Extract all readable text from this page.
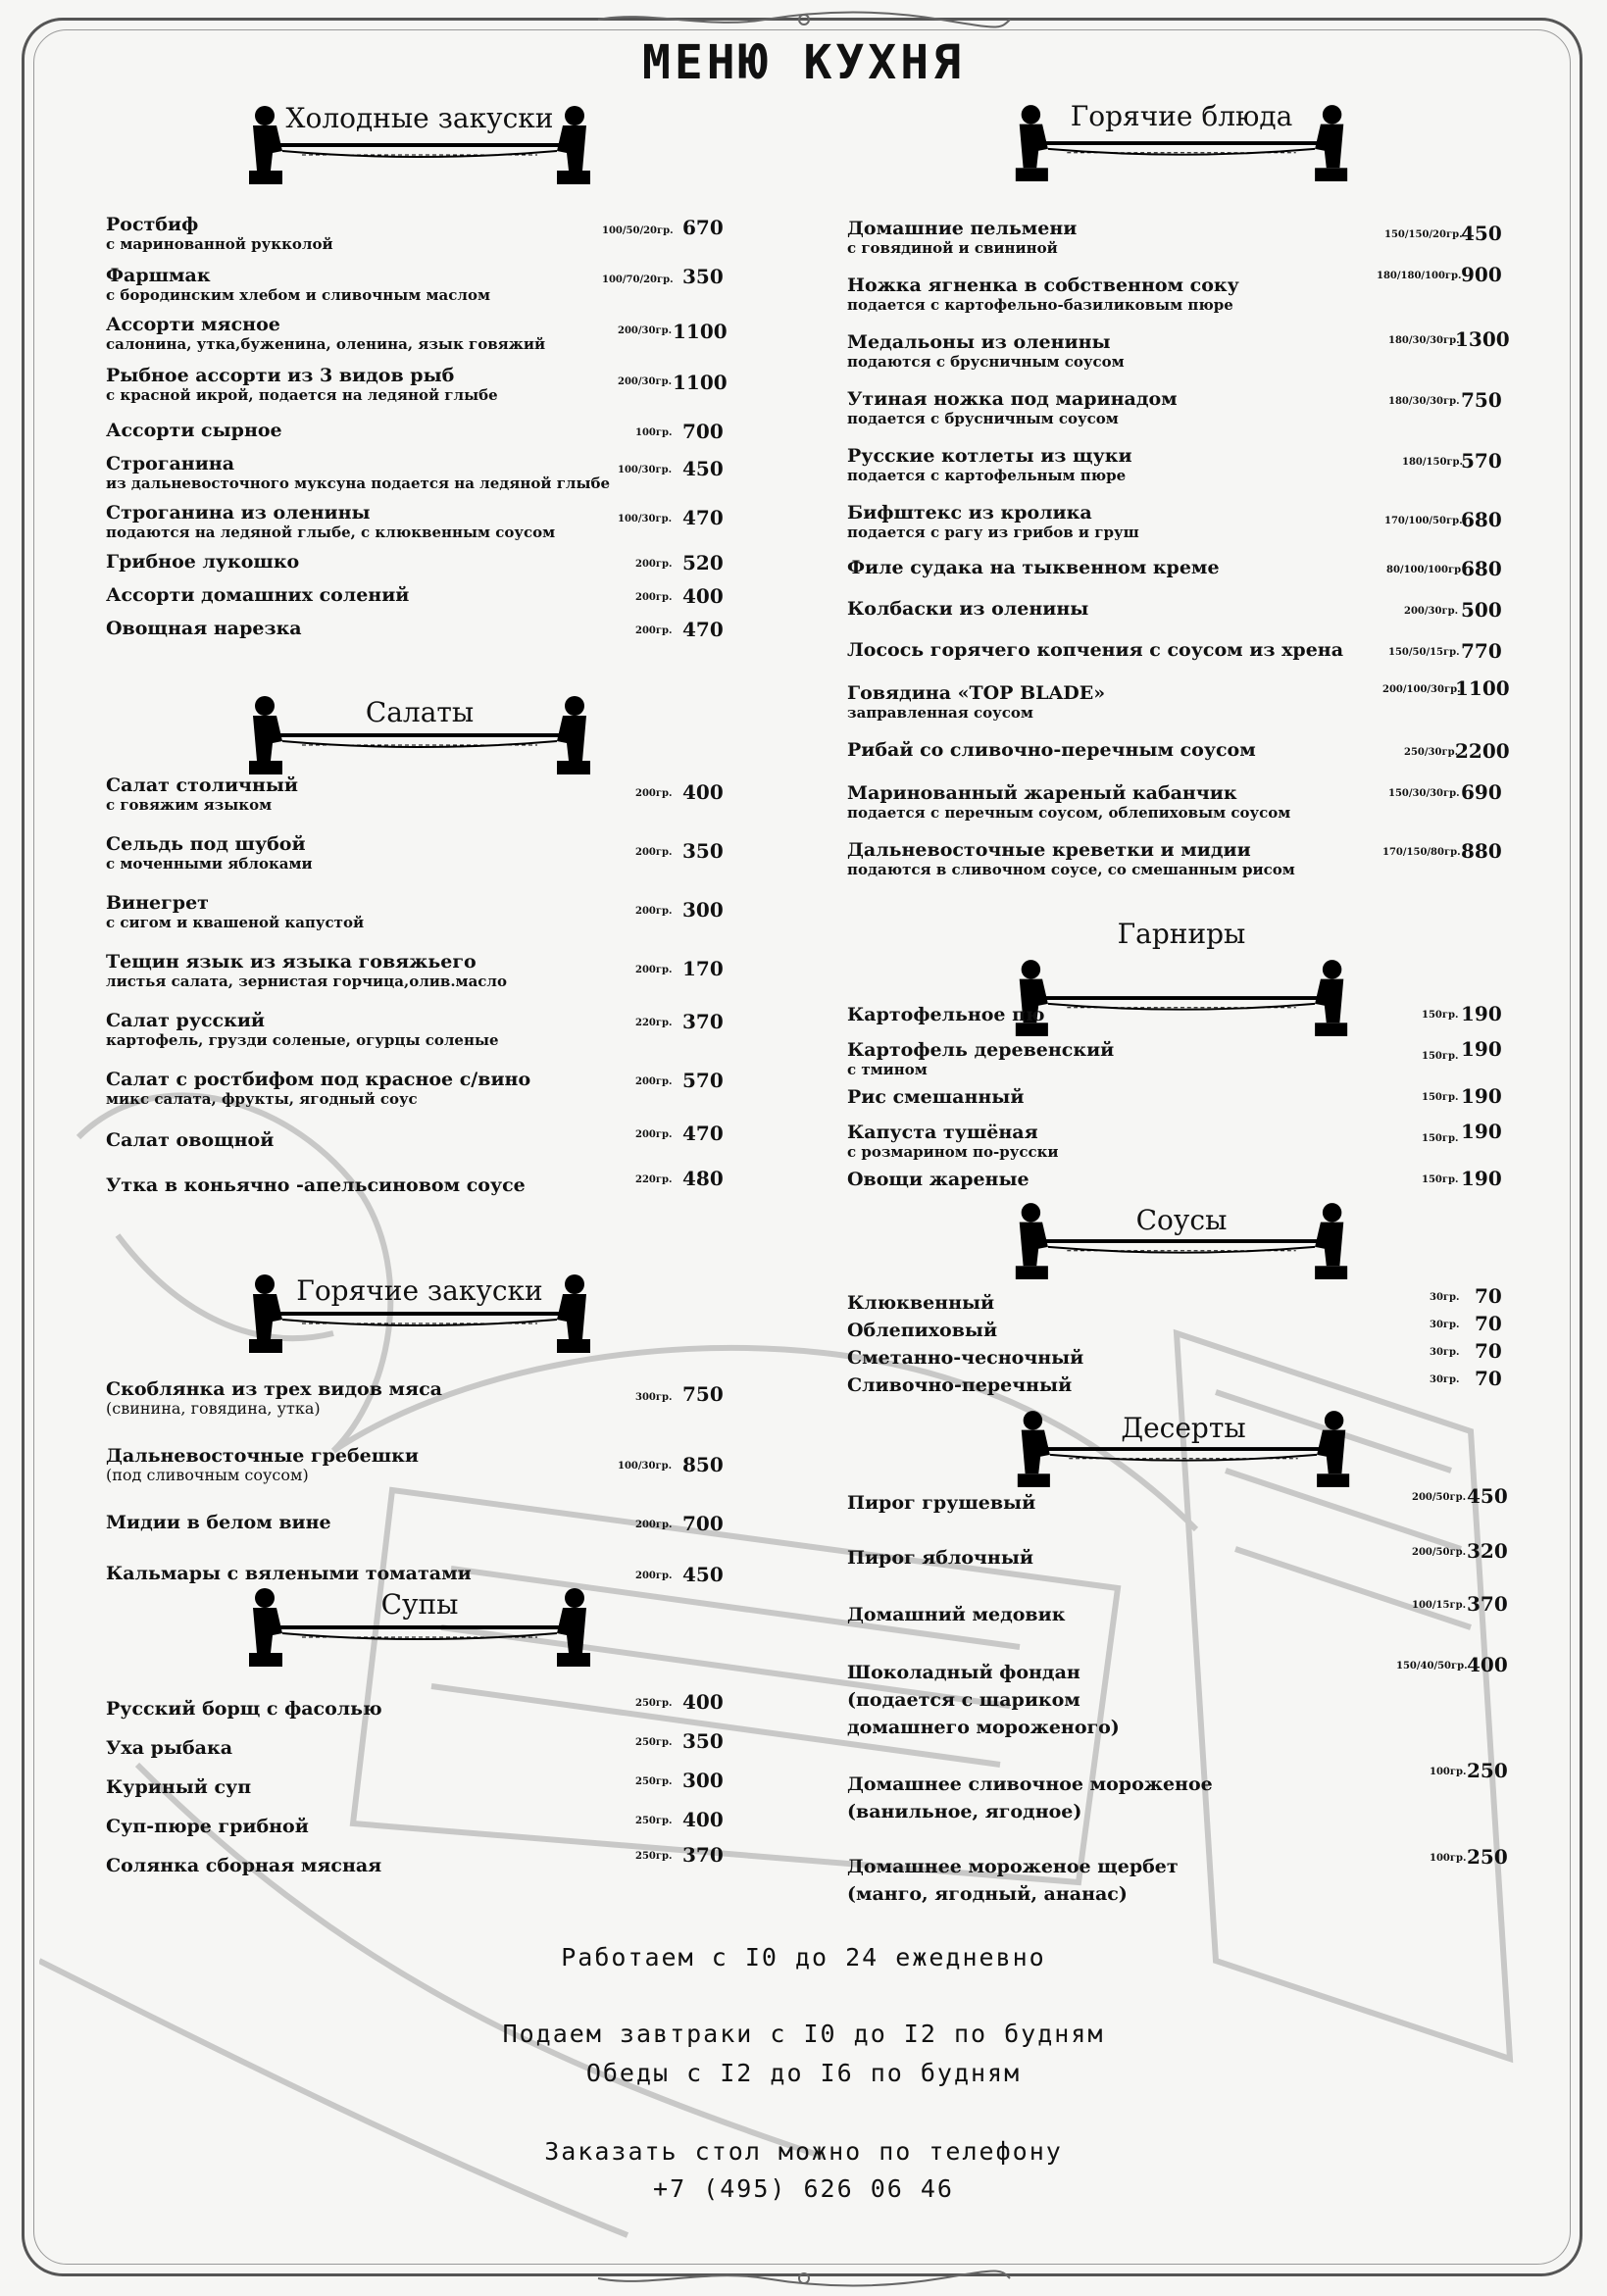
МЕНЮ КУХНЯ
Холодные закуски
Ростбиф
с маринованной рукколой
100/50/20гр. 670
Фаршмак
с бородинским хлебом и сливочным маслом
100/70/20гр. 350
Ассорти мясное
салонина, утка,буженина, оленина, язык говяжий
200/30гр. 1100
Рыбное ассорти из 3 видов рыб
с красной икрой, подается на ледяной глыбе
200/30гр. 1100
Ассорти сырное	100гр. 700
Строганина
из дальневосточного муксуна подается на ледяной глыбе
100/30гр. 450
Строганина из оленины
подаются на ледяной глыбе, с клюквенным соусом
100/30гр. 470
Грибное лукошко	200гр. 520
Ассорти домашних солений	200гр. 400
Овощная нарезка	200гр. 470
Салаты
Салат столичный
с говяжим языком
200гр. 400
Сельдь под шубой
с моченными яблоками
200гр. 350
Винегрет
с сигом и квашеной капустой
200гр. 300
Тещин язык из языка говяжьего
листья салата, зернистая горчица,олив.масло
200гр. 170
Салат русский
картофель, грузди соленые, огурцы соленые
220гр. 370
Салат с ростбифом под красное с/вино
микс салата, фрукты, ягодный соус
200гр. 570
Салат овощной	200гр. 470
Утка в коньячно -апельсиновом соусе	220гр. 480
Горячие закуски
Скоблянка из трех видов мяса
(свинина, говядина, утка)
300гр. 750
Дальневосточные гребешки
(под сливочным соусом)	100/30гр. 850
Мидии в белом вине	200гр. 700
Кальмары с вялеными томатами	200гр. 450
Супы
Русский борщ с фасолью	250гр. 400
Уха рыбака	250гр. 350
Куриный суп	250гр. 300
Суп-пюре грибной	250гр. 400
Солянка сборная мясная	250гр. 370
Горячие блюда
Домашние пельмени
с говядиной и свининой
150/150/20гр.
450
Ножка ягненка в собственном соку
подается с картофельно-базиликовым пюре
180/180/100гр. 900
Медальоны из оленины
подаются с брусничным соусом
180/30/30гр.
1300
Утиная ножка под маринадом
подается с брусничным соусом
180/30/30гр. 750
Русские котлеты из щуки
подается с картофельным пюре
180/150гр.
570
Бифштекс из кролика
подается с рагу из грибов и груш
170/100/50гр.
680
Филе судака на тыквенном креме	80/100/100гр 680
Колбаски из оленины	200/30гр. 500
Лосось горячего копчения с соусом из хрена	150/50/15гр. 770
Говядина «TOP BLADE»
заправленная соусом
200/100/30гр.
1100
Рибай со сливочно-перечным соусом	250/30гр.
2200
Маринованный жареный кабанчик
подается с перечным соусом, облепиховым соусом
150/30/30гр. 690
Дальневосточные креветки и мидии
подаются в сливочном соусе, со смешанным рисом
170/150/80гр. 880
Гарниры
Картофельное пю	150гр. 190
Картофель деревенский
с тмином
150гр. 190
Рис смешанный	150гр. 190
Капуста тушёная
с розмарином по-русски
150гр. 190
Овощи жареные	150гр. 190
Соусы
Клюквенный	30гр. 70
Облепиховый	30гр. 70
Сметанно-чесночный	30гр. 70
Сливочно-перечный	30гр. 70
Десерты
Пирог грушевый	200/50гр. 450
Пирог яблочный	200/50гр. 320
Домашний медовик	100/15гр. 370
Шоколадный фондан
(подается с шариком
домашнего мороженого)
150/40/50гр. 400
Домашнее сливочное мороженое
(ванильное, ягодное)
100гр. 250
Домашнее мороженое щербет
(манго, ягодный, ананас)
100гр. 250
Работаем с I0 до 24 ежедневно
Подаем завтраки с I0 до I2 по будням
Обеды с I2 до I6 по будням
Заказать стол можно по телефону
+7 (495) 626 06 46
